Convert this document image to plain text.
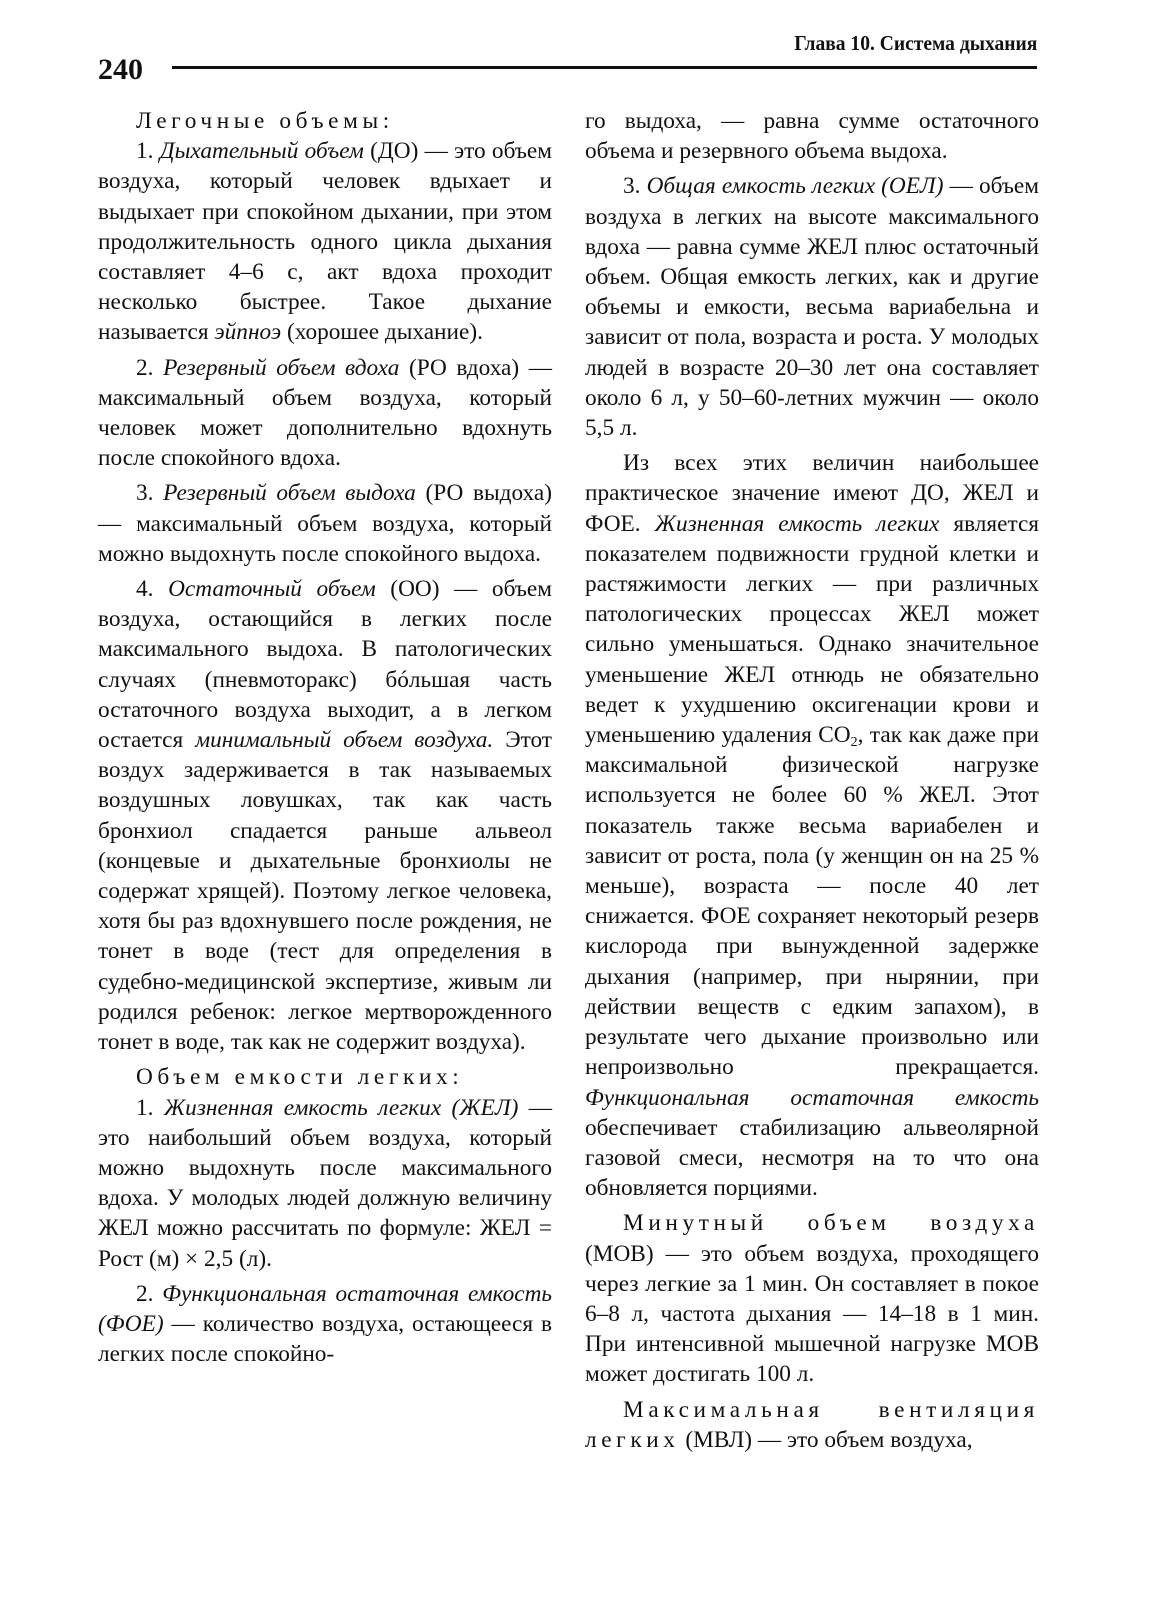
240
Глава 10. Система дыхания

Легочные объемы:

1. Дыхательный объем (ДО) — это объем воздуха, который человек вдыхает и выдыхает при спокойном дыхании, при этом продолжительность одного цикла дыхания составляет 4–6 с, акт вдоха проходит несколько быстрее. Такое дыхание называется эйпноэ (хорошее дыхание).

2. Резервный объем вдоха (РО вдоха) — максимальный объем воздуха, который человек может дополнительно вдохнуть после спокойного вдоха.

3. Резервный объем выдоха (РО выдоха) — максимальный объем воздуха, который можно выдохнуть после спокойного выдоха.

4. Остаточный объем (ОО) — объем воздуха, остающийся в легких после максимального выдоха. В патологических случаях (пневмоторакс) бóльшая часть остаточного воздуха выходит, а в легком остается минимальный объем воздуха. Этот воздух задерживается в так называемых воздушных ловушках, так как часть бронхиол спадается раньше альвеол (концевые и дыхательные бронхиолы не содержат хрящей). Поэтому легкое человека, хотя бы раз вдохнувшего после рождения, не тонет в воде (тест для определения в судебно-медицинской экспертизе, живым ли родился ребенок: легкое мертворожденного тонет в воде, так как не содержит воздуха).

Объем емкости легких:

1. Жизненная емкость легких (ЖЕЛ) — это наибольший объем воздуха, который можно выдохнуть после максимального вдоха. У молодых людей должную величину ЖЕЛ можно рассчитать по формуле: ЖЕЛ = Рост (м) × 2,5 (л).

2. Функциональная остаточная емкость (ФОЕ) — количество воздуха, остающееся в легких после спокойно-

го выдоха, — равна сумме остаточного объема и резервного объема выдоха.

3. Общая емкость легких (ОЕЛ) — объем воздуха в легких на высоте максимального вдоха — равна сумме ЖЕЛ плюс остаточный объем. Общая емкость легких, как и другие объемы и емкости, весьма вариабельна и зависит от пола, возраста и роста. У молодых людей в возрасте 20–30 лет она составляет около 6 л, у 50–60-летних мужчин — около 5,5 л.

Из всех этих величин наибольшее практическое значение имеют ДО, ЖЕЛ и ФОЕ. Жизненная емкость легких является показателем подвижности грудной клетки и растяжимости легких — при различных патологических процессах ЖЕЛ может сильно уменьшаться. Однако значительное уменьшение ЖЕЛ отнюдь не обязательно ведет к ухудшению оксигенации крови и уменьшению удаления $CO_2$, так как даже при максимальной физической нагрузке используется не более 60 % ЖЕЛ. Этот показатель также весьма вариабелен и зависит от роста, пола (у женщин он на 25 % меньше), возраста — после 40 лет снижается. ФОЕ сохраняет некоторый резерв кислорода при вынужденной задержке дыхания (например, при нырянии, при действии веществ с едким запахом), в результате чего дыхание произвольно или непроизвольно прекращается. Функциональная остаточная емкость обеспечивает стабилизацию альвеолярной газовой смеси, несмотря на то что она обновляется порциями.

Минутный объем воздуха (МОВ) — это объем воздуха, проходящего через легкие за 1 мин. Он составляет в покое 6–8 л, частота дыхания — 14–18 в 1 мин. При интенсивной мышечной нагрузке МОВ может достигать 100 л.

Максимальная вентиляция легких (МВЛ) — это объем воздуха,
